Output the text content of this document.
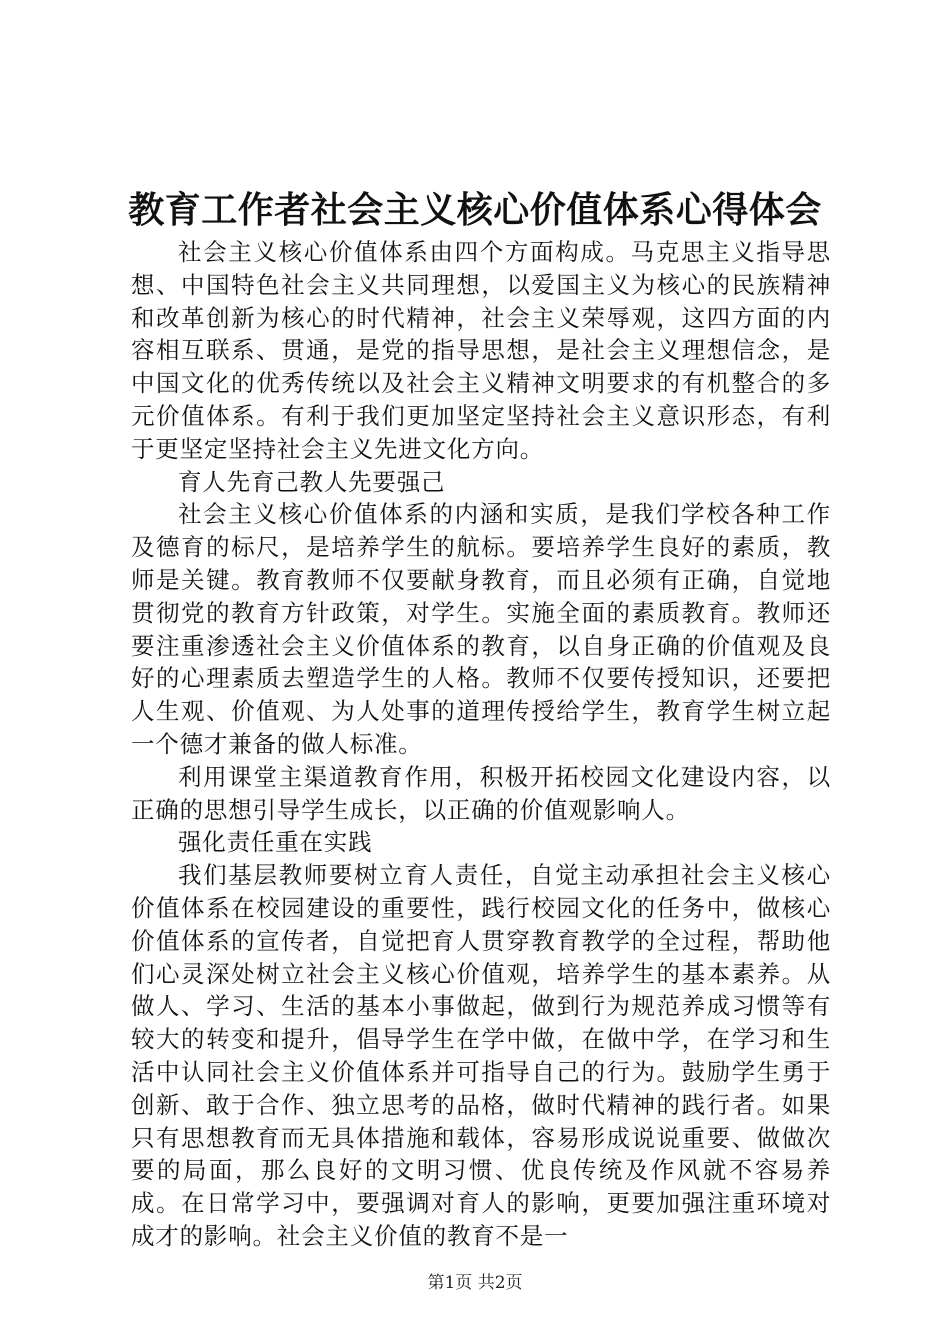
教育工作者社会主义核心价值体系心得体会

社会主义核心价值体系由四个方面构成。马克思主义指导思想、中国特色社会主义共同理想，以爱国主义为核心的民族精神和改革创新为核心的时代精神，社会主义荣辱观，这四方面的内容相互联系、贯通，是党的指导思想，是社会主义理想信念，是中国文化的优秀传统以及社会主义精神文明要求的有机整合的多元价值体系。有利于我们更加坚定坚持社会主义意识形态，有利于更坚定坚持社会主义先进文化方向。

育人先育己教人先要强己

社会主义核心价值体系的内涵和实质，是我们学校各种工作及德育的标尺，是培养学生的航标。要培养学生良好的素质，教师是关键。教育教师不仅要献身教育，而且必须有正确，自觉地贯彻党的教育方针政策，对学生。实施全面的素质教育。教师还要注重渗透社会主义价值体系的教育，以自身正确的价值观及良好的心理素质去塑造学生的人格。教师不仅要传授知识，还要把人生观、价值观、为人处事的道理传授给学生，教育学生树立起一个德才兼备的做人标准。

利用课堂主渠道教育作用，积极开拓校园文化建设内容，以正确的思想引导学生成长，以正确的价值观影响人。

强化责任重在实践

我们基层教师要树立育人责任，自觉主动承担社会主义核心价值体系在校园建设的重要性，践行校园文化的任务中，做核心价值体系的宣传者，自觉把育人贯穿教育教学的全过程，帮助他们心灵深处树立社会主义核心价值观，培养学生的基本素养。从做人、学习、生活的基本小事做起，做到行为规范养成习惯等有较大的转变和提升，倡导学生在学中做，在做中学，在学习和生活中认同社会主义价值体系并可指导自己的行为。鼓励学生勇于创新、敢于合作、独立思考的品格，做时代精神的践行者。如果只有思想教育而无具体措施和载体，容易形成说说重要、做做次要的局面，那么良好的文明习惯、优良传统及作风就不容易养成。在日常学习中，要强调对育人的影响，更要加强注重环境对成才的影响。社会主义价值的教育不是一

第1页 共2页
